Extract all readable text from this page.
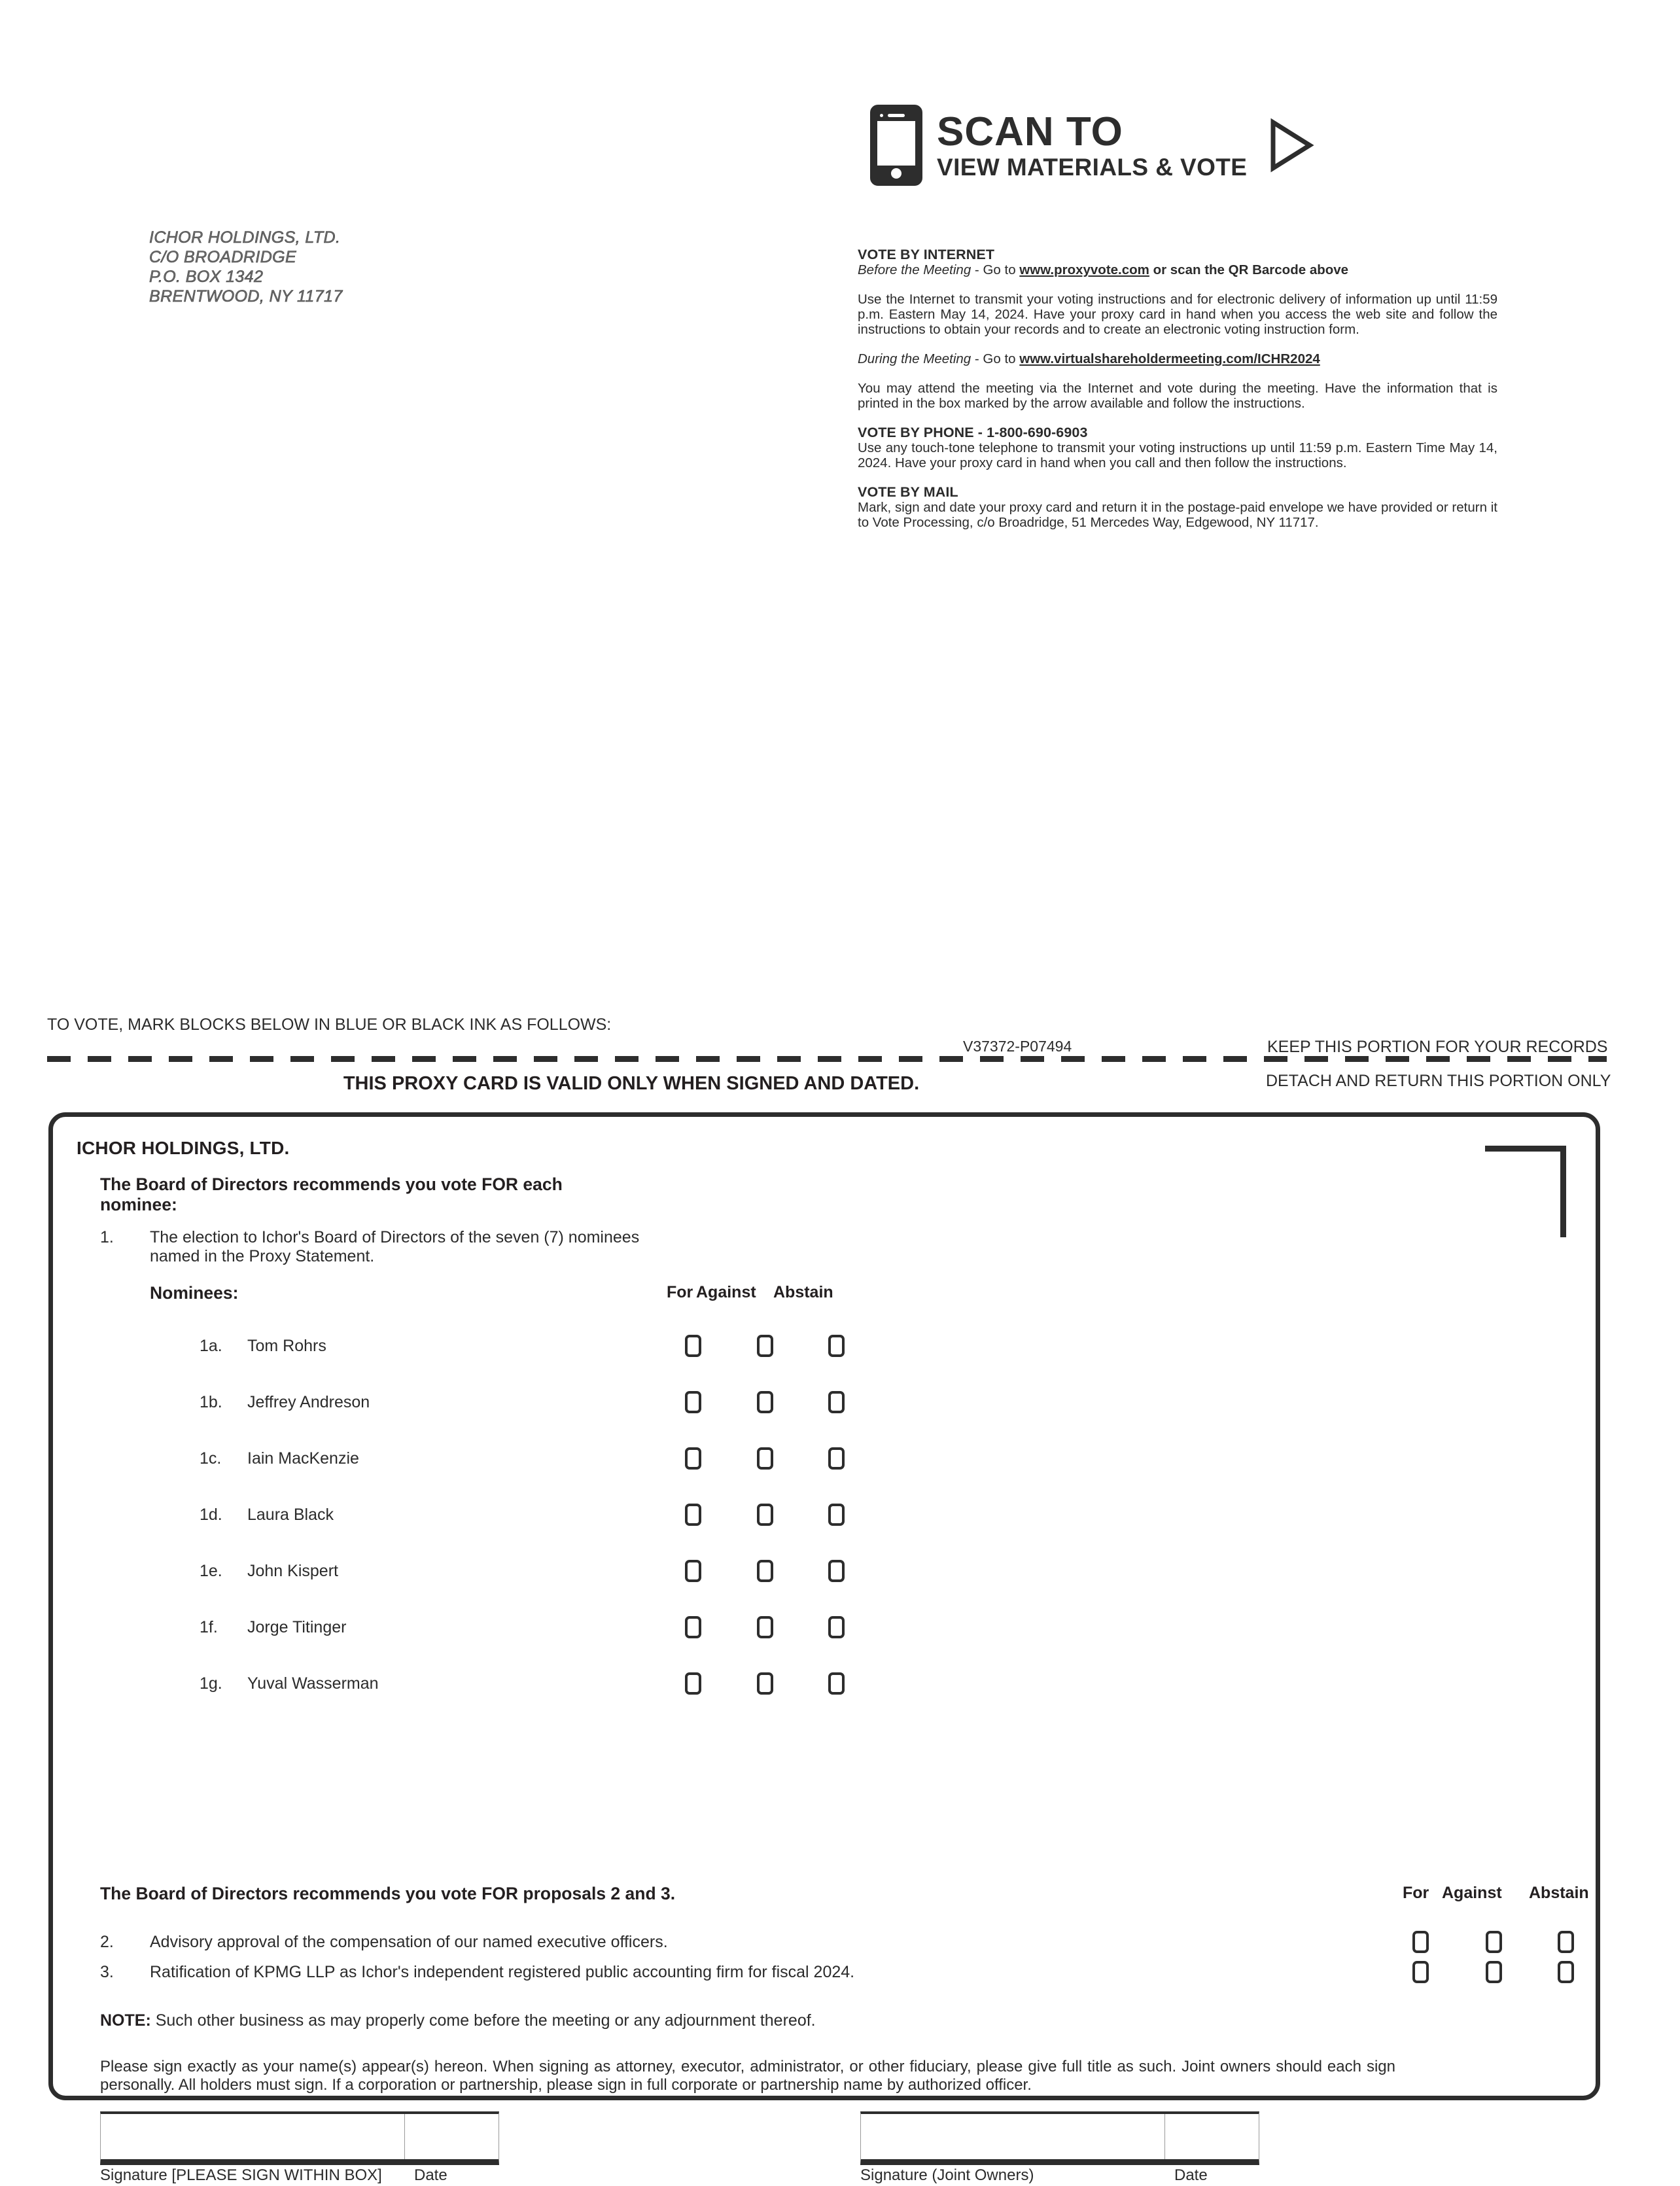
ICHOR HOLDINGS, LTD.
C/O BROADRIDGE
P.O. BOX 1342
BRENTWOOD, NY 11717
SCAN TO
VIEW MATERIALS & VOTE

VOTE BY INTERNET

Before the Meeting - Go to www.proxyvote.com or scan the QR Barcode above

Use the Internet to transmit your voting instructions and for electronic delivery of information up until 11:59 p.m. Eastern May 14, 2024. Have your proxy card in hand when you access the web site and follow the instructions to obtain your records and to create an electronic voting instruction form.

During the Meeting - Go to www.virtualshareholdermeeting.com/ICHR2024

You may attend the meeting via the Internet and vote during the meeting. Have the information that is printed in the box marked by the arrow available and follow the instructions.

VOTE BY PHONE - 1-800-690-6903

Use any touch-tone telephone to transmit your voting instructions up until 11:59 p.m. Eastern Time May 14, 2024. Have your proxy card in hand when you call and then follow the instructions.

VOTE BY MAIL

Mark, sign and date your proxy card and return it in the postage-paid envelope we have provided or return it to Vote Processing, c/o Broadridge, 51 Mercedes Way, Edgewood, NY 11717.

TO VOTE, MARK BLOCKS BELOW IN BLUE OR BLACK INK AS FOLLOWS:
V37372-P07494	KEEP THIS PORTION FOR YOUR RECORDS
DETACH AND RETURN THIS PORTION ONLY
THIS PROXY CARD IS VALID ONLY WHEN SIGNED AND DATED.
ICHOR HOLDINGS, LTD.
The Board of Directors recommends you vote FOR each nominee:
1. The election to Ichor's Board of Directors of the seven (7) nominees named in the Proxy Statement.
Nominees:	For Against Abstain
1a. Tom Rohrs
1b. Jeffrey Andreson
1c. Iain MacKenzie
1d. Laura Black
1e. John Kispert
1f. Jorge Titinger
1g. Yuval Wasserman
The Board of Directors recommends you vote FOR proposals 2 and 3.	For Against Abstain
2. Advisory approval of the compensation of our named executive officers.
3. Ratification of KPMG LLP as Ichor's independent registered public accounting firm for fiscal 2024.
NOTE: Such other business as may properly come before the meeting or any adjournment thereof.
Please sign exactly as your name(s) appear(s) hereon. When signing as attorney, executor, administrator, or other fiduciary, please give full title as such. Joint owners should each sign personally. All holders must sign. If a corporation or partnership, please sign in full corporate or partnership name by authorized officer.
Signature [PLEASE SIGN WITHIN BOX] Date	Signature (Joint Owners)	Date
